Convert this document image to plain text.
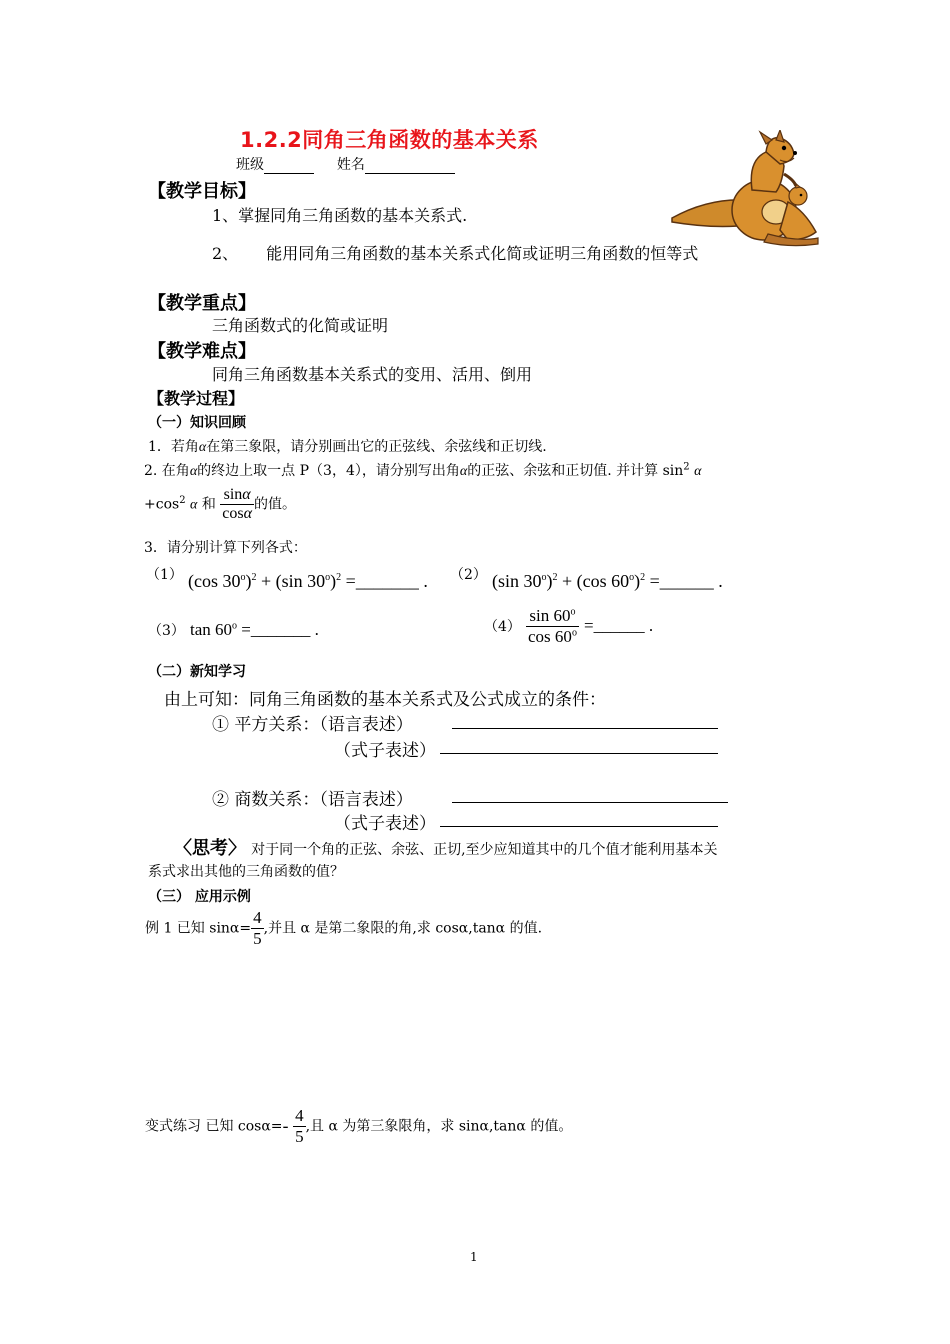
1.2.2同角三角函数的基本关系
班级	姓名
【教学目标】
1、掌握同角三角函数的基本关系式.
2、 能用同角三角函数的基本关系式化简或证明三角函数的恒等式
【教学重点】
三角函数式的化简或证明
【教学难点】
同角三角函数基本关系式的变用、活用、倒用
【教学过程】
（一）知识回顾
1．若角α在第三象限，请分别画出它的正弦线、余弦线和正切线.
2. 在角α的终边上取一点 P（3，4），请分别写出角α的正弦、余弦和正切值. 并计算 $\sin^2 \alpha$
$+\cos^2$ α 和 $\frac{\sin\alpha}{\cos\alpha}$ 的值。
3．请分别计算下列各式：
（1） (cos $30^o)^2 + (\sin$ $30^o)^2$ =_______ . （2） (sin $30^o)^2 + (\cos$ $60^o)^2$ =______ .
（3） $\tan 60^o$ =_______ .	$(4) \frac{\sin 60^o}{\cos 60^o}$ =______ .
（二）新知学习
由上可知：同角三角函数的基本关系式及公式成立的条件：
① 平方关系：（语言表述）
（式子表述）
② 商数关系：（语言表述）
（式子表述）
〈思考〉 对于同一个角的正弦、余弦、正切,至少应知道其中的几个值才能利用基本关
系式求出其他的三角函数的值？
（三） 应用示例
例 1 已知 $\sin\alpha= \frac{4}{5}$ ,并且 α 是第二象限的角,求 cosα,tanα 的值.
变式练习 已知 $\cos\alpha=- \frac{4}{5}$ ,且 α 为第三象限角，求 sinα,tanα 的值。
1
